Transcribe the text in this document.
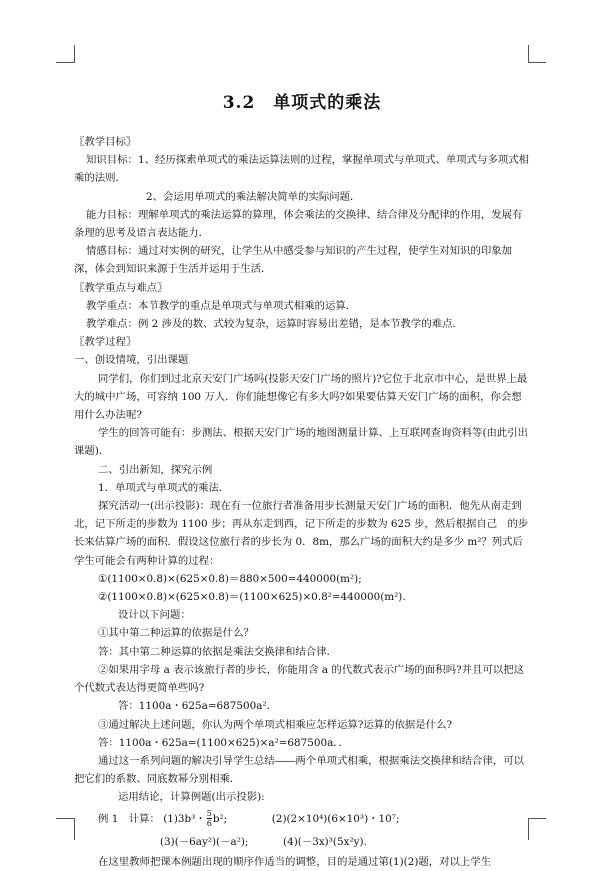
3.2　单项式的乘法

〖教学目标〗

知识目标：1、经历探索单项式的乘法运算法则的过程，掌握单项式与单项式、单项式与多项式相乘的法则．

2、会运用单项式的乘法解决简单的实际问题．

能力目标：理解单项式的乘法运算的算理，体会乘法的交换律、结合律及分配律的作用，发展有条理的思考及语言表达能力．

情感目标：通过对实例的研究，让学生从中感受参与知识的产生过程，使学生对知识的印象加深，体会到知识来源于生活并运用于生活．

〖教学重点与难点〗

教学重点：本节教学的重点是单项式与单项式相乘的运算．

教学难点：例 2 涉及的数、式较为复杂，运算时容易出差错，是本节教学的难点．

〖教学过程〗

一、创设情境，引出课题

同学们，你们到过北京天安门广场吗(投影天安门广场的照片)?它位于北京市中心，是世界上最大的城中广场，可容纳 100 万人．你们能想像它有多大吗?如果要估算天安门广场的面积，你会想用什么办法呢?

学生的回答可能有：步测法、根据天安门广场的地图测量计算、上互联网查询资料等(由此引出课题)．

二、引出新知，探究示例

1．单项式与单项式的乘法．

探究活动一(出示投影)：现在有一位旅行者准备用步长测量天安门广场的面积．他先从南走到北，记下所走的步数为 1100 步；再从东走到西，记下所走的步数为 625 步，然后根据自己　的步长来估算广场的面积．假设这位旅行者的步长为 0．8m，那么广场的面积大约是多少 m²？列式后学生可能会有两种计算的过程：

①(1100×0.8)×(625×0.8)＝880×500=440000(m²);

②(1100×0.8)×(625×0.8)＝(1100×625)×0.8²=440000(m²).

设计以下问题：

①其中第二种运算的依据是什么？

答：其中第二种运算的依据是乘法交换律和结合律．

②如果用字母 a 表示该旅行者的步长，你能用含 a 的代数式表示广场的面积吗?并且可以把这个代数式表达得更简单些吗?

答：1100a・625a=687500a²．

③通过解决上述问题，你认为两个单项式相乘应怎样运算?运算的依据是什么?

答：1100a・625a=(1100×625)×a²=687500a．．

通过这一系列问题的解决引导学生总结――两个单项式相乘，根据乘法交换律和结合律，可以把它们的系数、同底数幂分别相乘．

运用结论，计算例题(出示投影):

例 1　计算： (1)3b³・ $\frac{5}{6} b^2$;	(2)(2×10⁴)(6×10³)・10⁷;

(3)(－6ay²)(－a²);	(4)(－3x)³(5x²y).

在这里教师把课本例题出现的顺序作适当的调整，目的是通过第(1)(2)题，对以上学生
